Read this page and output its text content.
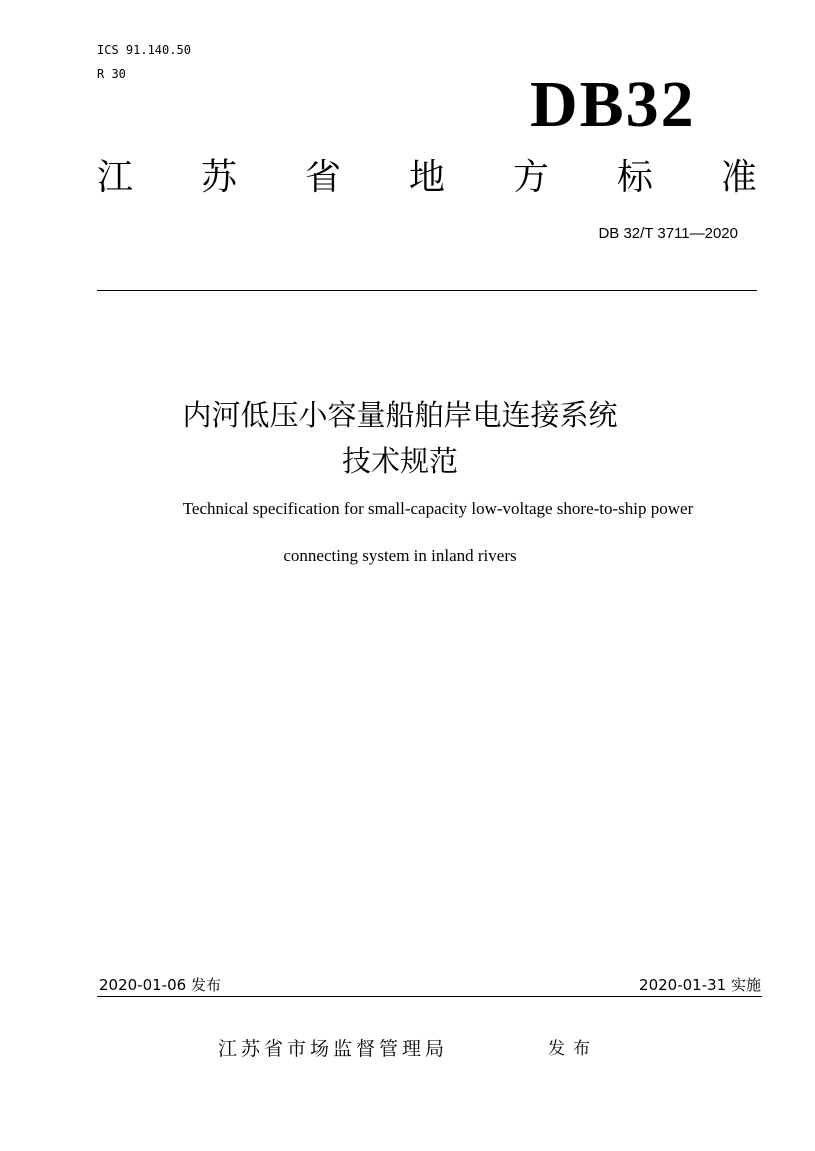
ICS 91.140.50
R 30	DB32
江 苏 省 地 方 标 准
DB 32/T 3711—2020
内河低压小容量船舶岸电连接系统
技术规范
Technical specification for small-capacity low-voltage shore-to-ship power
connecting system in inland rivers
2020-01-06 发布	2020-01-31 实施
江苏省市场监督管理局	发布
